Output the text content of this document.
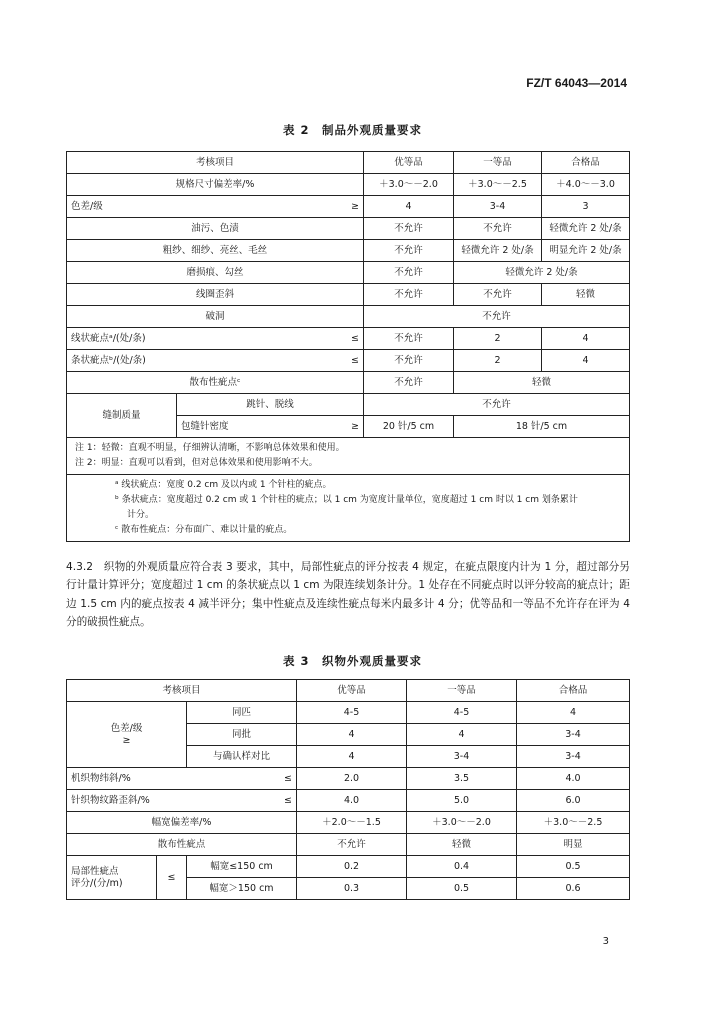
FZ/T 64043—2014
表 2　制品外观质量要求
考核项目		优等品	一等品	合格品
规格尺寸偏差率/%		＋3.0～－2.0	＋3.0～－2.5	＋4.0～－3.0
色差/级 ≥		4	3-4	3
油污、色渍		不允许	不允许	轻微允许 2 处/条
粗纱、细纱、亮丝、毛丝		不允许	轻微允许 2 处/条	明显允许 2 处/条
磨损痕、勾丝		不允许	轻微允许 2 处/条	
线圈歪斜		不允许	不允许	轻微
破洞		不允许		
线状疵点ᵃ/(处/条) ≤		不允许	2	4
条状疵点ᵇ/(处/条) ≤		不允许	2	4
散布性疵点ᶜ		不允许	轻微	
缝制质量	跳针、脱线	不允许		
	包缝针密度 ≥	20 针/5 cm	18 针/5 cm	

注 1：轻微：直观不明显，仔细辨认清晰，不影响总体效果和使用。
注 2：明显：直观可以看到，但对总体效果和使用影响不大。				

ᵃ 线状疵点：宽度 0.2 cm 及以内或 1 个针柱的疵点。
ᵇ 条状疵点：宽度超过 0.2 cm 或 1 个针柱的疵点；以 1 cm 为宽度计量单位，宽度超过 1 cm 时以 1 cm 划条累计
计分。
ᶜ 散布性疵点：分布面广、难以计量的疵点。				
4.3.2　 织物的外观质量应符合表 3 要求，其中，局部性疵点的评分按表 4 规定，在疵点限度内计为 1 分，超过部分另行计量计算评分；宽度超过 1 cm 的条状疵点以 1 cm 为限连续划条计分。1 处存在不同疵点时以评分较高的疵点计；距边 1.5 cm 内的疵点按表 4 减半评分；集中性疵点及连续性疵点每米内最多计 4 分；优等品和一等品不允许存在评为 4 分的破损性疵点。
表 3　织物外观质量要求
考核项目			优等品	一等品	合格品

色差/级
≥		同匹	4-5	4-5	4
		同批	4	4	3-4
		与确认样对比	4	3-4	3-4
机织物纬斜/% ≤			2.0	3.5	4.0
针织物纹路歪斜/% ≤			4.0	5.0	6.0
幅宽偏差率/%			＋2.0～－1.5	＋3.0～－2.0	＋3.0～－2.5
散布性疵点			不允许	轻微	明显

局部性疵点
评分/(分/m)	≤	幅宽≤150 cm	0.2	0.4	0.5
		幅宽＞150 cm	0.3	0.5	0.6
3
